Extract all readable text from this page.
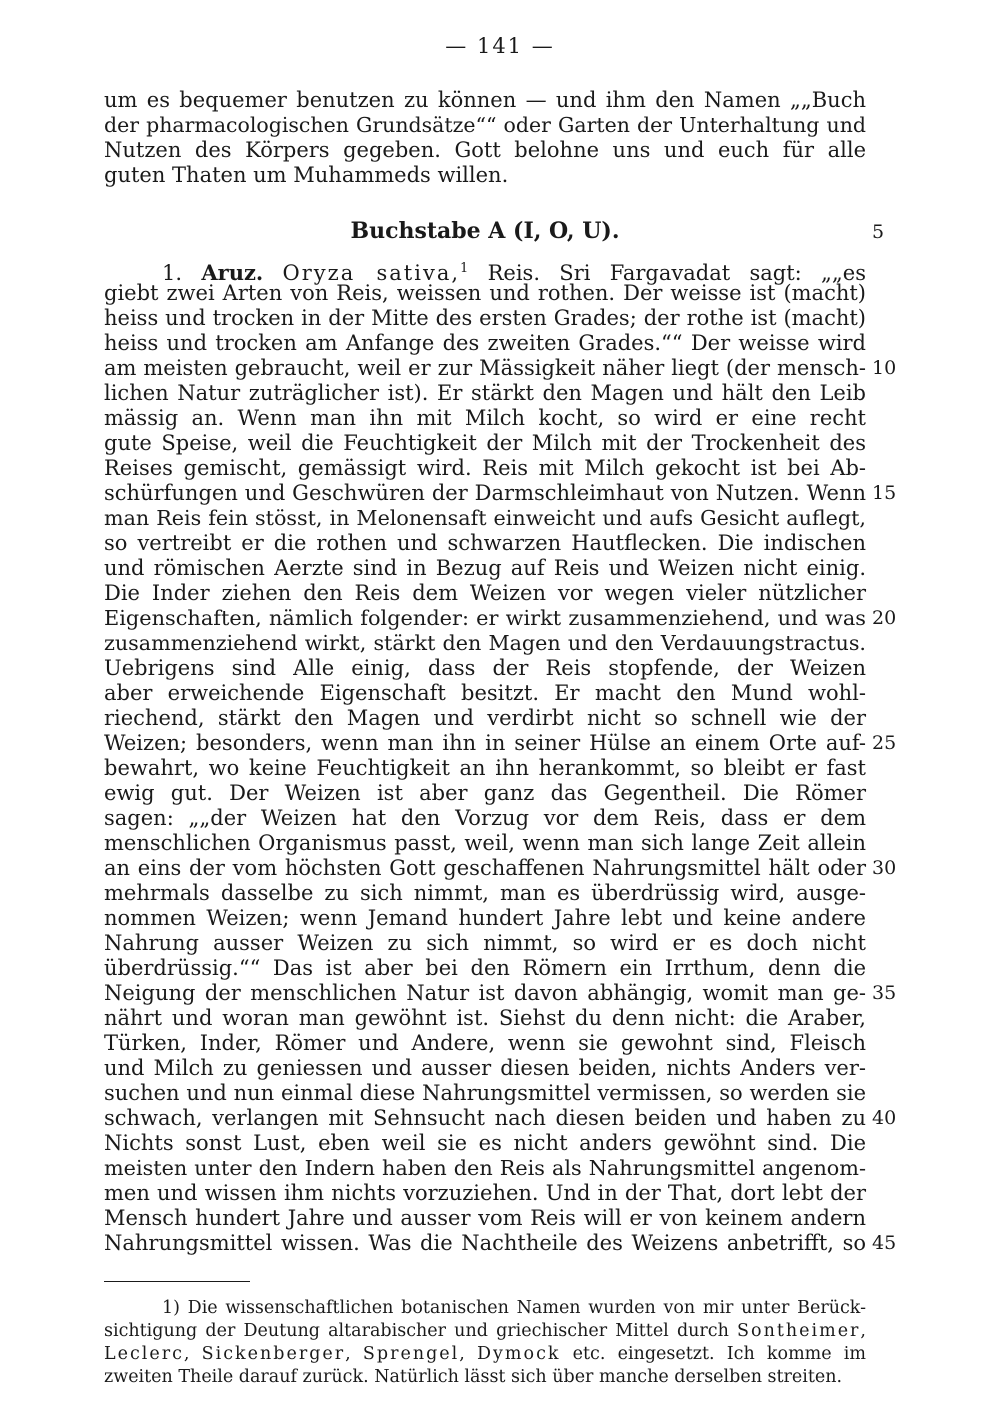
— 141 —
um es bequemer benutzen zu können — und ihm den Namen „„Buch
der pharmacologischen Grundsätze““ oder Garten der Unterhaltung und
Nutzen des Körpers gegeben. Gott belohne uns und euch für alle
guten Thaten um Muhammeds willen.
Buchstabe A (I, O, U).	5
1. Aruz. Oryza sativa,$^1$ Reis. Sri Fargavadat sagt: „„es
giebt zwei Arten von Reis, weissen und rothen. Der weisse ist (macht)
heiss und trocken in der Mitte des ersten Grades; der rothe ist (macht)
heiss und trocken am Anfange des zweiten Grades.““ Der weisse wird
am meisten gebraucht, weil er zur Mässigkeit näher liegt (der mensch-
lichen Natur zuträglicher ist). Er stärkt den Magen und hält den Leib
mässig an. Wenn man ihn mit Milch kocht, so wird er eine recht
gute Speise, weil die Feuchtigkeit der Milch mit der Trockenheit des
Reises gemischt, gemässigt wird. Reis mit Milch gekocht ist bei Ab-
schürfungen und Geschwüren der Darmschleimhaut von Nutzen. Wenn
man Reis fein stösst, in Melonensaft einweicht und aufs Gesicht auflegt,
so vertreibt er die rothen und schwarzen Hautflecken. Die indischen
und römischen Aerzte sind in Bezug auf Reis und Weizen nicht einig.
Die Inder ziehen den Reis dem Weizen vor wegen vieler nützlicher
Eigenschaften, nämlich folgender: er wirkt zusammenziehend, und was
zusammenziehend wirkt, stärkt den Magen und den Verdauungstractus.
Uebrigens sind Alle einig, dass der Reis stopfende, der Weizen
aber erweichende Eigenschaft besitzt. Er macht den Mund wohl-
riechend, stärkt den Magen und verdirbt nicht so schnell wie der
Weizen; besonders, wenn man ihn in seiner Hülse an einem Orte auf-
bewahrt, wo keine Feuchtigkeit an ihn herankommt, so bleibt er fast
ewig gut. Der Weizen ist aber ganz das Gegentheil. Die Römer
sagen: „„der Weizen hat den Vorzug vor dem Reis, dass er dem
menschlichen Organismus passt, weil, wenn man sich lange Zeit allein
an eins der vom höchsten Gott geschaffenen Nahrungsmittel hält oder
mehrmals dasselbe zu sich nimmt, man es überdrüssig wird, ausge-
nommen Weizen; wenn Jemand hundert Jahre lebt und keine andere
Nahrung ausser Weizen zu sich nimmt, so wird er es doch nicht
überdrüssig.““ Das ist aber bei den Römern ein Irrthum, denn die
Neigung der menschlichen Natur ist davon abhängig, womit man ge-
nährt und woran man gewöhnt ist. Siehst du denn nicht: die Araber,
Türken, Inder, Römer und Andere, wenn sie gewohnt sind, Fleisch
und Milch zu geniessen und ausser diesen beiden, nichts Anders ver-
suchen und nun einmal diese Nahrungsmittel vermissen, so werden sie
schwach, verlangen mit Sehnsucht nach diesen beiden und haben zu
Nichts sonst Lust, eben weil sie es nicht anders gewöhnt sind. Die
meisten unter den Indern haben den Reis als Nahrungsmittel angenom-
men und wissen ihm nichts vorzuziehen. Und in der That, dort lebt der
Mensch hundert Jahre und ausser vom Reis will er von keinem andern
Nahrungsmittel wissen. Was die Nachtheile des Weizens anbetrifft, so
10
15
20
25
30
35
40
45
1) Die wissenschaftlichen botanischen Namen wurden von mir unter Berück-
sichtigung der Deutung altarabischer und griechischer Mittel durch Sontheimer,
Leclerc, Sickenberger, Sprengel, Dymock etc. eingesetzt. Ich komme im
zweiten Theile darauf zurück. Natürlich lässt sich über manche derselben streiten.
